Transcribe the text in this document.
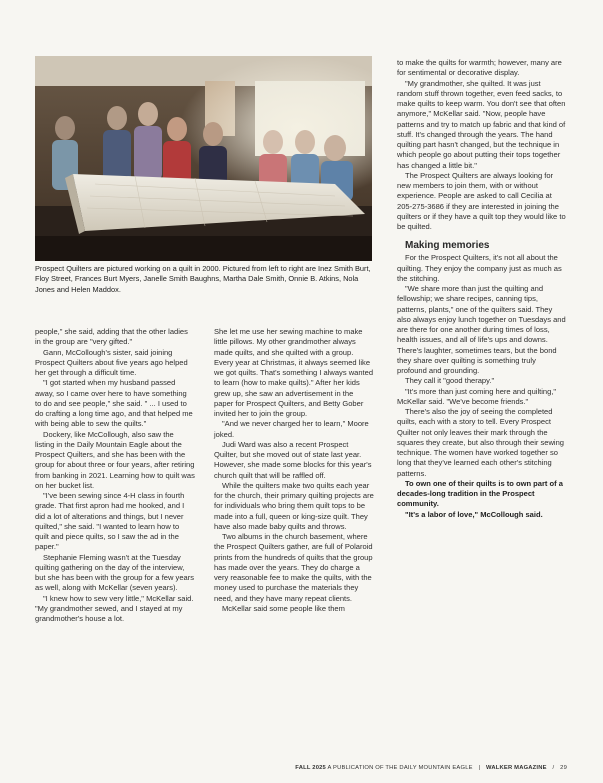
Prospect Quilters are pictured working on a quilt in 2000. Pictured from left to right are Inez Smith Burt, Floy Street, Frances Burt Myers, Janelle Smith Baughns, Martha Dale Smith, Onnie B. Atkins, Nola Jones and Helen Maddox.

people," she said, adding that the other ladies in the group are "very gifted."

Gann, McCollough's sister, said joining Prospect Quilters about five years ago helped her get through a difficult time.

"I got started when my husband passed away, so I came over here to have something to do and see people," she said. " ... I used to do crafting a long time ago, and that helped me with being able to sew the quilts."

Dockery, like McCollough, also saw the listing in the Daily Mountain Eagle about the Prospect Quilters, and she has been with the group for about three or four years, after retiring from banking in 2021. Learning how to quilt was on her bucket list.

"I've been sewing since 4-H class in fourth grade. That first apron had me hooked, and I did a lot of alterations and things, but I never quilted," she said. "I wanted to learn how to quilt and piece quilts, so I saw the ad in the paper."

Stephanie Fleming wasn't at the Tuesday quilting gathering on the day of the interview, but she has been with the group for a few years as well, along with McKellar (seven years).

"I knew how to sew very little," McKellar said. "My grandmother sewed, and I stayed at my grandmother's house a lot.

She let me use her sewing machine to make little pillows. My other grandmother always made quilts, and she quilted with a group. Every year at Christmas, it always seemed like we got quilts. That's something I always wanted to learn (how to make quilts)." After her kids grew up, she saw an advertisement in the paper for Prospect Quilters, and Betty Gober invited her to join the group.

"And we never charged her to learn," Moore joked.

Judi Ward was also a recent Prospect Quilter, but she moved out of state last year. However, she made some blocks for this year's church quilt that will be raffled off.

While the quilters make two quilts each year for the church, their primary quilting projects are for individuals who bring them quilt tops to be made into a full, queen or king-size quilt. They have also made baby quilts and throws.

Two albums in the church basement, where the Prospect Quilters gather, are full of Polaroid prints from the hundreds of quilts that the group has made over the years. They do charge a very reasonable fee to make the quilts, with the money used to purchase the materials they need, and they have many repeat clients.

McKellar said some people like them

to make the quilts for warmth; however, many are for sentimental or decorative display.

"My grandmother, she quilted. It was just random stuff thrown together, even feed sacks, to make quilts to keep warm. You don't see that often anymore," McKellar said. "Now, people have patterns and try to match up fabric and that kind of stuff. It's changed through the years. The hand quilting part hasn't changed, but the technique in which people go about putting their tops together has changed a little bit."

The Prospect Quilters are always looking for new members to join them, with or without experience. People are asked to call Cecilia at 205-275-3686 if they are interested in joining the quilters or if they have a quilt top they would like to be quilted.

Making memories

For the Prospect Quilters, it's not all about the quilting. They enjoy the company just as much as the stitching.

"We share more than just the quilting and fellowship; we share recipes, canning tips, patterns, plants," one of the quilters said. They also always enjoy lunch together on Tuesdays and are there for one another during times of loss, health issues, and all of life's ups and downs. There's laughter, sometimes tears, but the bond they share over quilting is something truly profound and grounding.

They call it "good therapy."

"It's more than just coming here and quilting," McKellar said. "We've become friends."

There's also the joy of seeing the completed quilts, each with a story to tell. Every Prospect Quilter not only leaves their mark through the squares they create, but also through their sewing technique. The women have worked together so long that they've learned each other's stitching patterns.

To own one of their quilts is to own part of a decades-long tradition in the Prospect community.

"It's a labor of love," McCollough said.

FALL 2025 A PUBLICATION OF THE DAILY MOUNTAIN EAGLE | WALKER MAGAZINE / 29
